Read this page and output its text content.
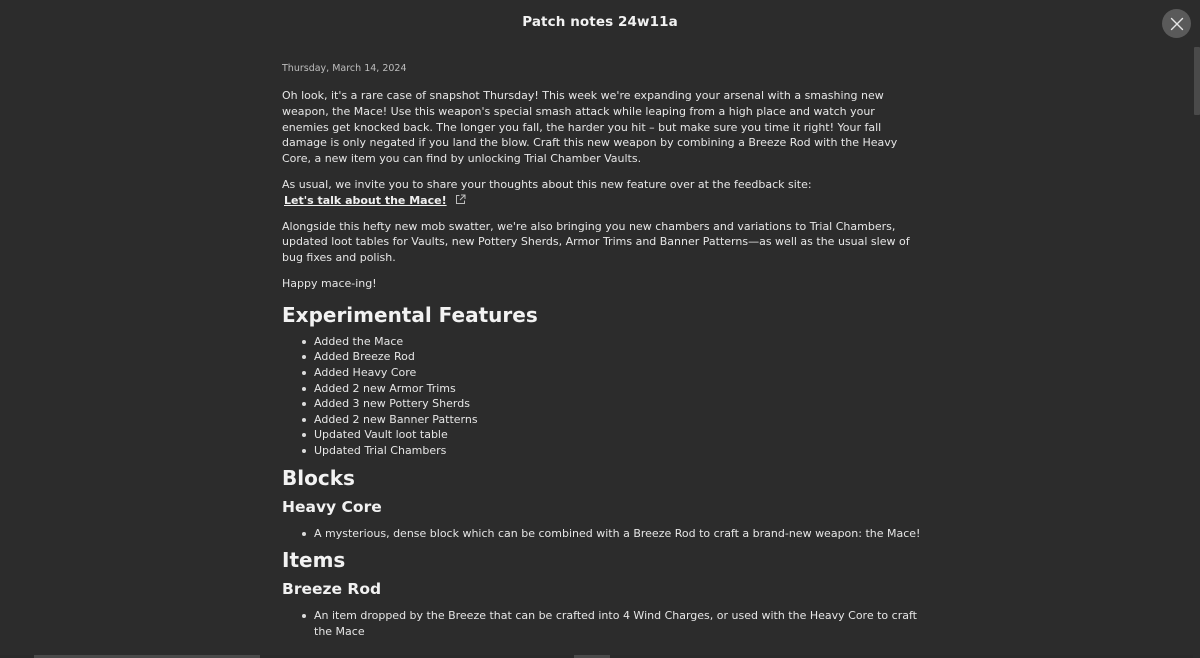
Patch notes 24w11a
Thursday, March 14, 2024

Oh look, it's a rare case of snapshot Thursday! This week we're expanding your arsenal with a smashing new weapon, the Mace! Use this weapon's special smash attack while leaping from a high place and watch your enemies get knocked back. The longer you fall, the harder you hit – but make sure you time it right! Your fall damage is only negated if you land the blow. Craft this new weapon by combining a Breeze Rod with the Heavy Core, a new item you can find by unlocking Trial Chamber Vaults.

As usual, we invite you to share your thoughts about this new feature over at the feedback site:

Let's talk about the Mace!

Alongside this hefty new mob swatter, we're also bringing you new chambers and variations to Trial Chambers, updated loot tables for Vaults, new Pottery Sherds, Armor Trims and Banner Patterns—as well as the usual slew of bug fixes and polish.

Happy mace-ing!

Experimental Features
Added the Mace
Added Breeze Rod
Added Heavy Core
Added 2 new Armor Trims
Added 3 new Pottery Sherds
Added 2 new Banner Patterns
Updated Vault loot table
Updated Trial Chambers
Blocks
Heavy Core
A mysterious, dense block which can be combined with a Breeze Rod to craft a brand-new weapon: the Mace!
Items
Breeze Rod
An item dropped by the Breeze that can be crafted into 4 Wind Charges, or used with the Heavy Core to craft the Mace
